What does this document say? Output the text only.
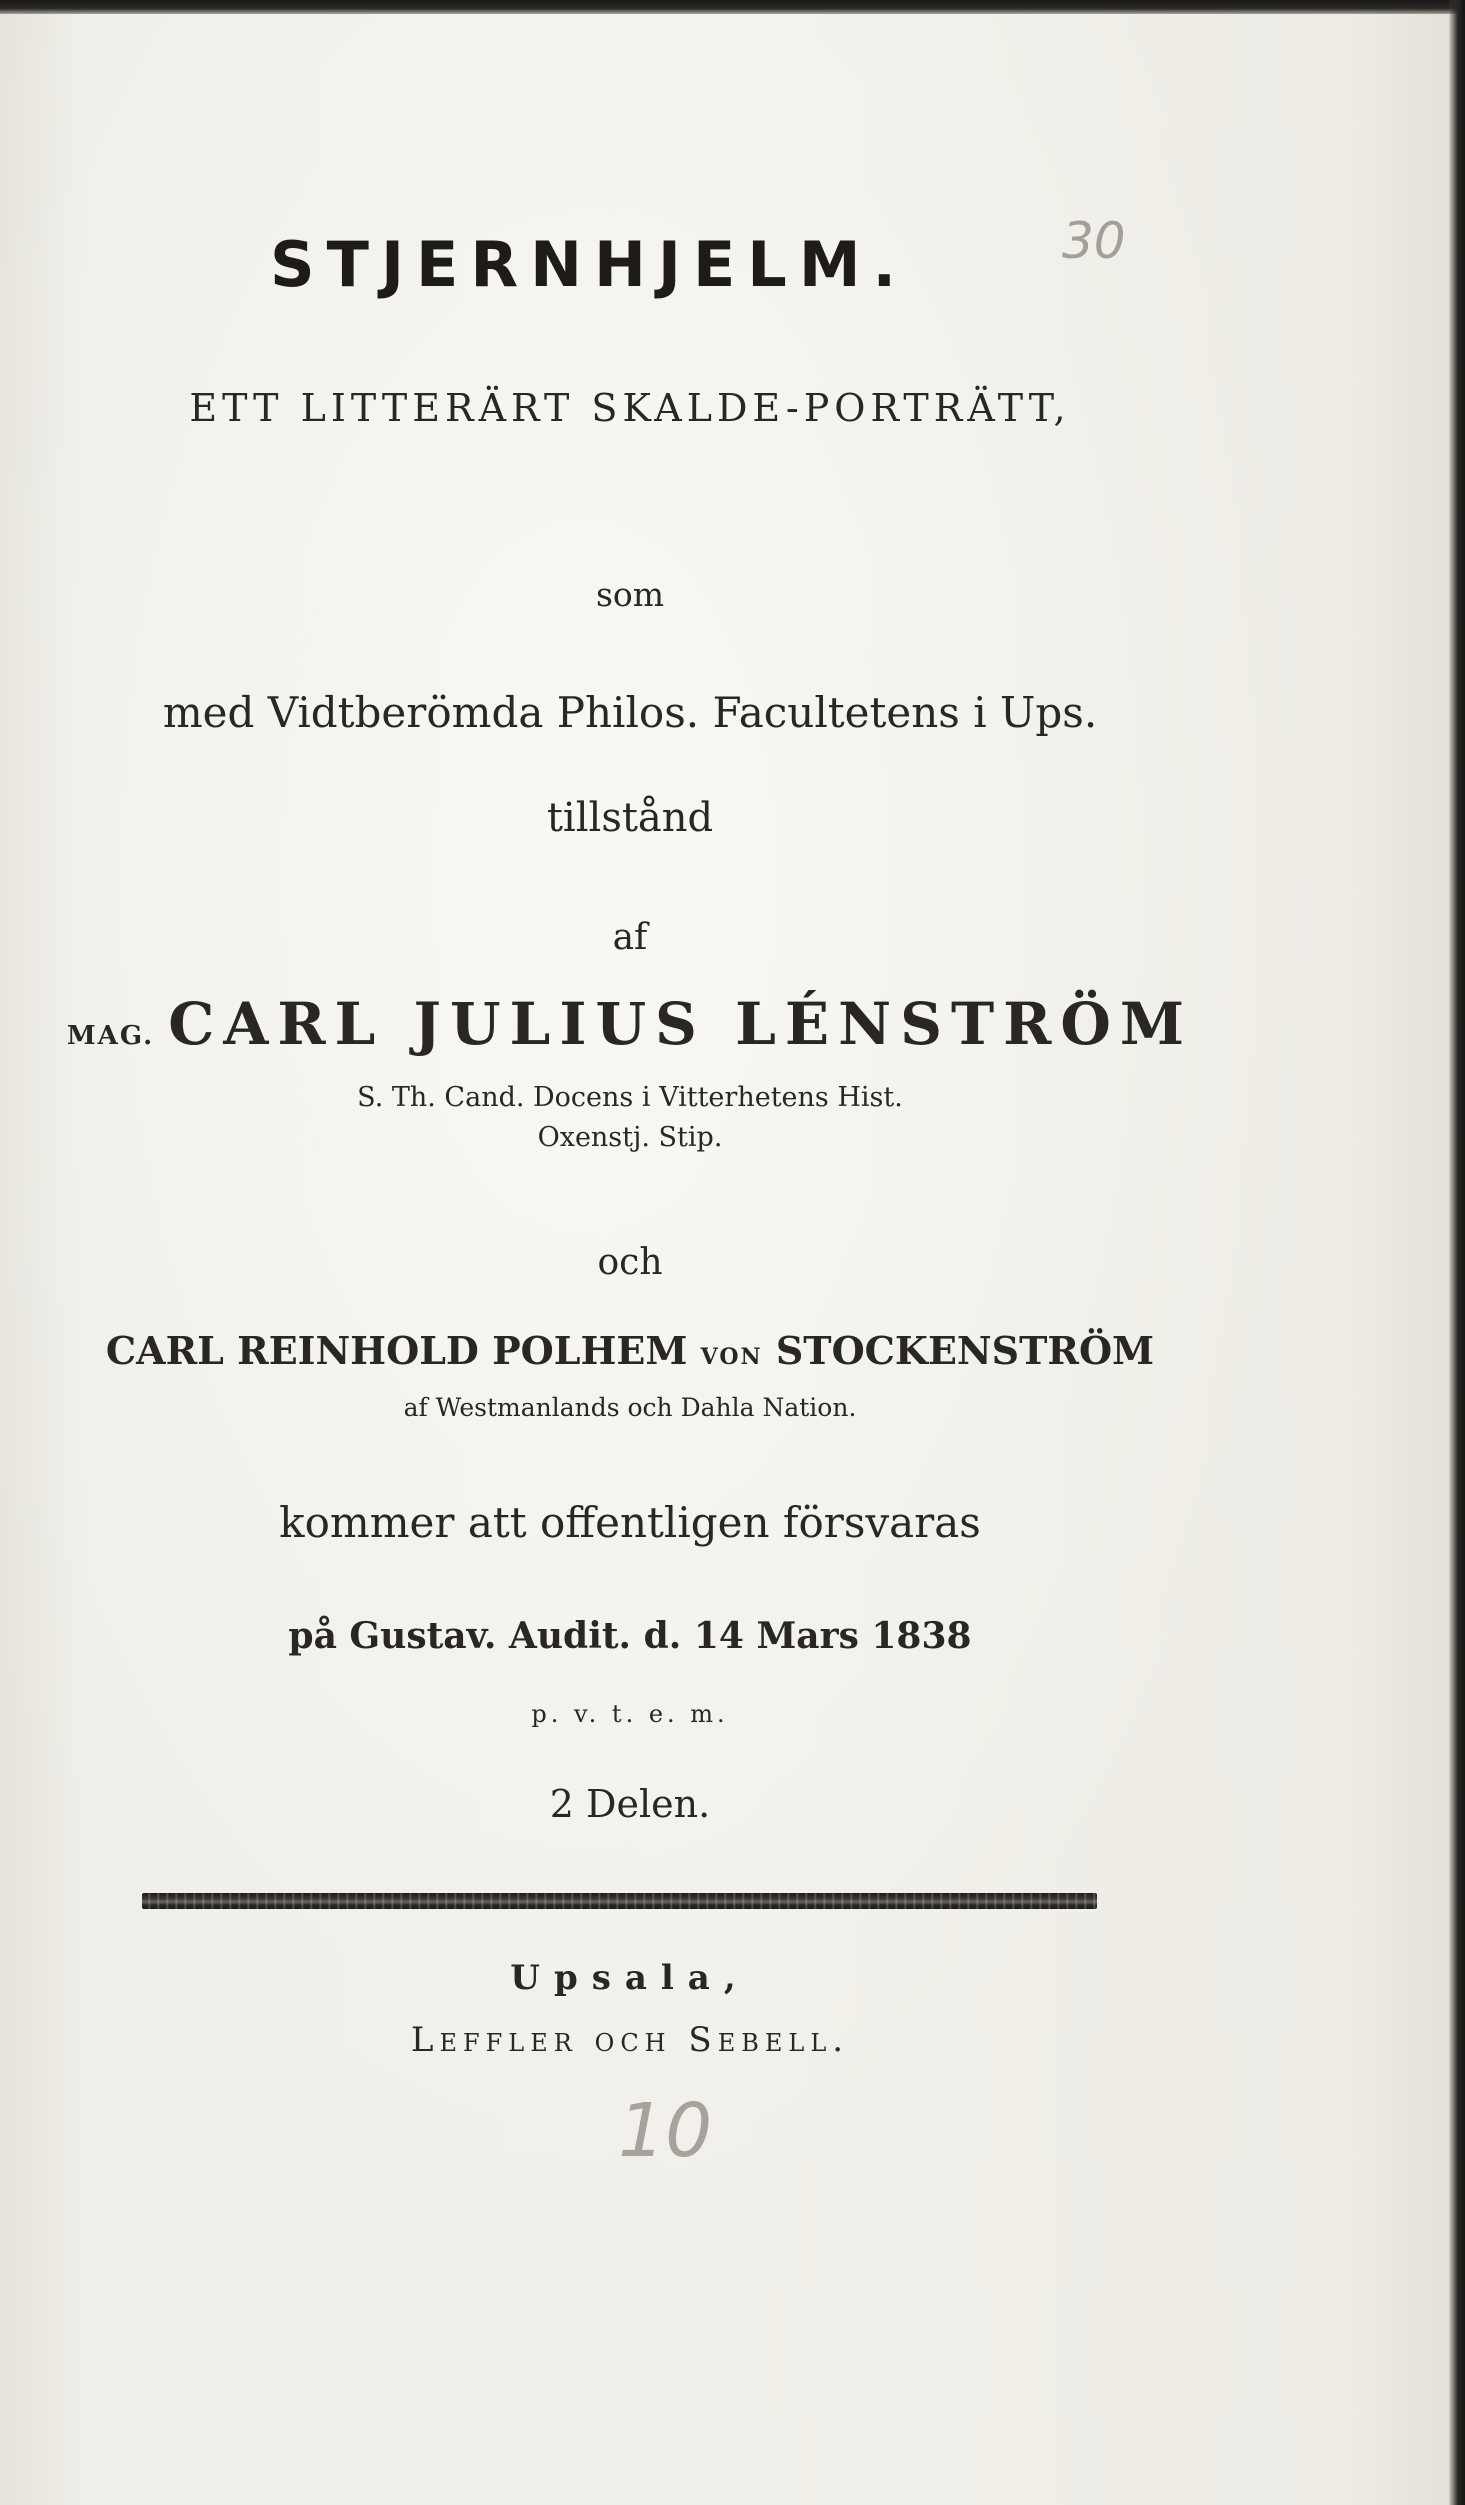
STJERNHJELM.	30
ETT LITTERÄRT SKALDE-PORTRÄTT,
som
med Vidtberömda Philos. Facultetens i Ups.
tillstånd
af
MAG. CARL JULIUS LÉNSTRÖM
S. Th. Cand. Docens i Vitterhetens Hist.
Oxenstj. Stip.
och
CARL REINHOLD POLHEM VON STOCKENSTRÖM
af Westmanlands och Dahla Nation.
kommer att offentligen försvaras
på Gustav. Audit. d. 14 Mars 1838
p. v. t. e. m.
2 Delen.
Upsala,
Leffler och Sebell.
10
